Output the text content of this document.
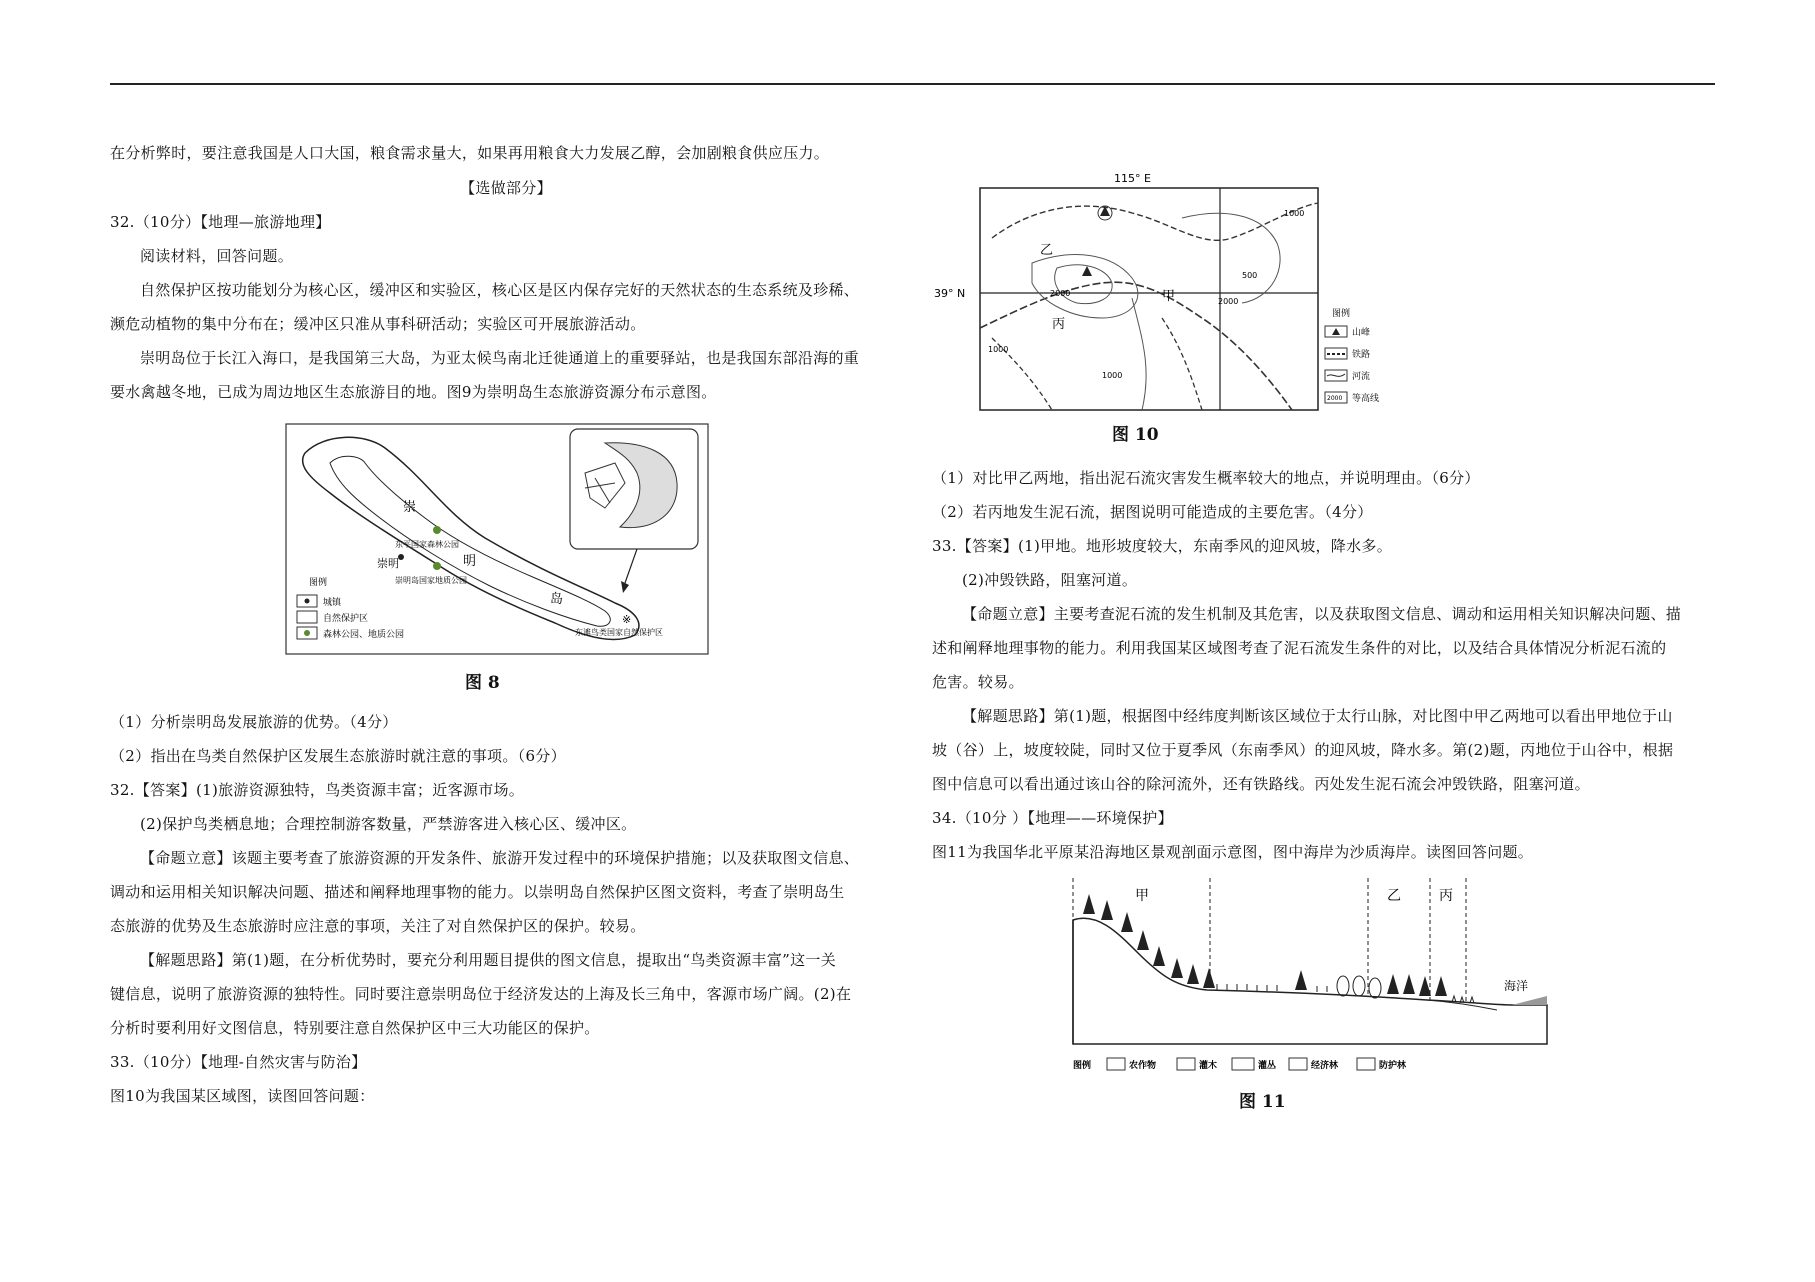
在分析弊时，要注意我国是人口大国，粮食需求量大，如果再用粮食大力发展乙醇，会加剧粮食供应压力。
【选做部分】
32.（10分）【地理—旅游地理】
阅读材料，回答问题。
自然保护区按功能划分为核心区，缓冲区和实验区，核心区是区内保存完好的天然状态的生态系统及珍稀、
濒危动植物的集中分布在；缓冲区只准从事科研活动；实验区可开展旅游活动。
崇明岛位于长江入海口，是我国第三大岛，为亚太候鸟南北迁徙通道上的重要驿站，也是我国东部沿海的重
要水禽越冬地，已成为周边地区生态旅游目的地。图9为崇明岛生态旅游资源分布示意图。
崇
明
岛
东平国家森林公园
崇明
崇明岛国家地质公园
东滩鸟类国家自然保护区
※
图例
城镇
自然保护区
森林公园、地质公园
图 8
（1）分析崇明岛发展旅游的优势。（4分）
（2）指出在鸟类自然保护区发展生态旅游时就注意的事项。（6分）
32.【答案】(1)旅游资源独特，鸟类资源丰富；近客源市场。
(2)保护鸟类栖息地；合理控制游客数量，严禁游客进入核心区、缓冲区。
【命题立意】该题主要考查了旅游资源的开发条件、旅游开发过程中的环境保护措施；以及获取图文信息、
调动和运用相关知识解决问题、描述和阐释地理事物的能力。以崇明岛自然保护区图文资料，考查了崇明岛生
态旅游的优势及生态旅游时应注意的事项，关注了对自然保护区的保护。较易。
【解题思路】第(1)题，在分析优势时，要充分利用题目提供的图文信息，提取出“鸟类资源丰富”这一关
键信息，说明了旅游资源的独特性。同时要注意崇明岛位于经济发达的上海及长三角中，客源市场广阔。(2)在
分析时要利用好文图信息，特别要注意自然保护区中三大功能区的保护。
33.（10分）【地理-自然灾害与防治】
图10为我国某区域图，读图回答问题：
115° E
39° N
乙
甲
丙
1000
2000
2000
500
1000
1000
图例
山峰
铁路
河流
2000 等高线
图 10
（1）对比甲乙两地，指出泥石流灾害发生概率较大的地点，并说明理由。（6分）
（2）若丙地发生泥石流，据图说明可能造成的主要危害。（4分）
33.【答案】(1)甲地。地形坡度较大，东南季风的迎风坡，降水多。
(2)冲毁铁路，阻塞河道。
【命题立意】主要考查泥石流的发生机制及其危害，以及获取图文信息、调动和运用相关知识解决问题、描
述和阐释地理事物的能力。利用我国某区域图考查了泥石流发生条件的对比，以及结合具体情况分析泥石流的
危害。较易。
【解题思路】第(1)题，根据图中经纬度判断该区域位于太行山脉，对比图中甲乙两地可以看出甲地位于山
坡（谷）上，坡度较陡，同时又位于夏季风（东南季风）的迎风坡，降水多。第(2)题，丙地位于山谷中，根据
图中信息可以看出通过该山谷的除河流外，还有铁路线。丙处发生泥石流会冲毁铁路，阻塞河道。
34.（10分 ）【地理——环境保护】
图11为我国华北平原某沿海地区景观剖面示意图，图中海岸为沙质海岸。读图回答问题。
甲	乙	丙
海洋
图例	农作物	灌木	灌丛	经济林	防护林
图 11
